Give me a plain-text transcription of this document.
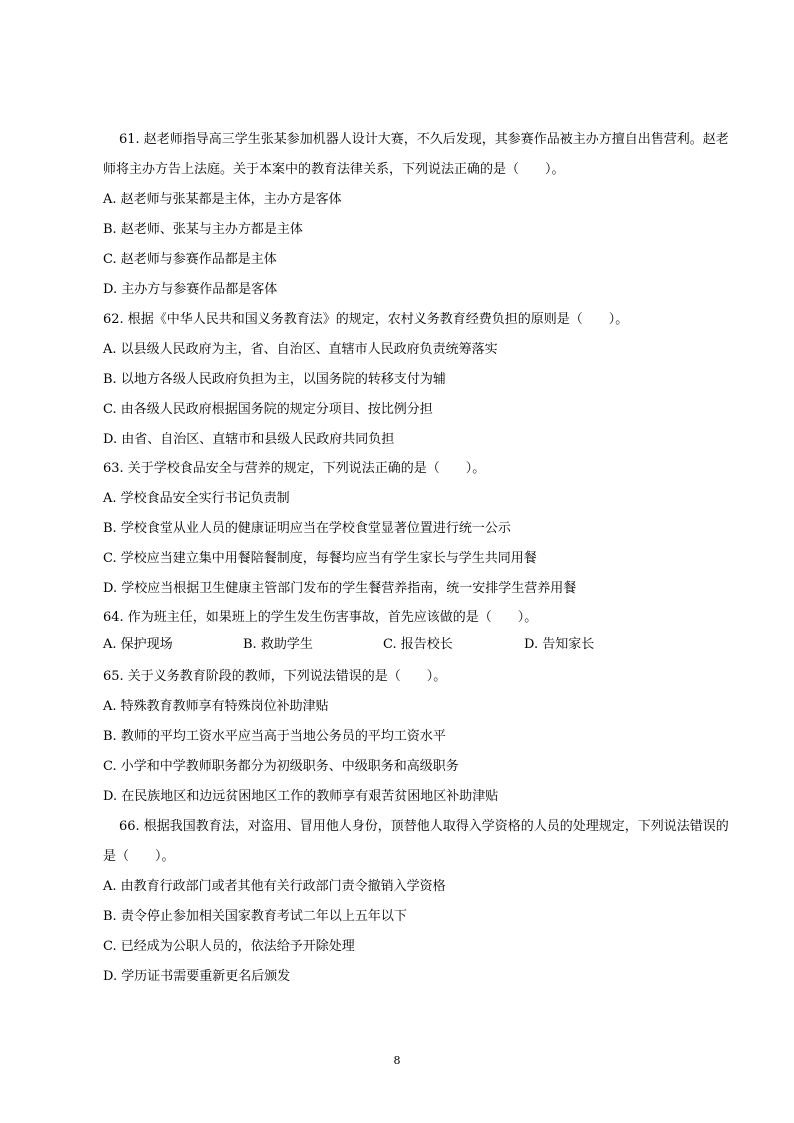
61. 赵老师指导高三学生张某参加机器人设计大赛，不久后发现，其参赛作品被主办方擅自出售营利。赵老
师将主办方告上法庭。关于本案中的教育法律关系，下列说法正确的是（　　）。
A. 赵老师与张某都是主体，主办方是客体
B. 赵老师、张某与主办方都是主体
C. 赵老师与参赛作品都是主体
D. 主办方与参赛作品都是客体
62. 根据《中华人民共和国义务教育法》的规定，农村义务教育经费负担的原则是（　　）。
A. 以县级人民政府为主，省、自治区、直辖市人民政府负责统筹落实
B. 以地方各级人民政府负担为主，以国务院的转移支付为辅
C. 由各级人民政府根据国务院的规定分项目、按比例分担
D. 由省、自治区、直辖市和县级人民政府共同负担
63. 关于学校食品安全与营养的规定，下列说法正确的是（　　）。
A. 学校食品安全实行书记负责制
B. 学校食堂从业人员的健康证明应当在学校食堂显著位置进行统一公示
C. 学校应当建立集中用餐陪餐制度，每餐均应当有学生家长与学生共同用餐
D. 学校应当根据卫生健康主管部门发布的学生餐营养指南，统一安排学生营养用餐
64. 作为班主任，如果班上的学生发生伤害事故，首先应该做的是（　　）。
A. 保护现场	B. 救助学生	C. 报告校长	D. 告知家长
65. 关于义务教育阶段的教师，下列说法错误的是（　　）。
A. 特殊教育教师享有特殊岗位补助津贴
B. 教师的平均工资水平应当高于当地公务员的平均工资水平
C. 小学和中学教师职务都分为初级职务、中级职务和高级职务
D. 在民族地区和边远贫困地区工作的教师享有艰苦贫困地区补助津贴
66. 根据我国教育法，对盗用、冒用他人身份，顶替他人取得入学资格的人员的处理规定，下列说法错误的
是（　　）。
A. 由教育行政部门或者其他有关行政部门责令撤销入学资格
B. 责令停止参加相关国家教育考试二年以上五年以下
C. 已经成为公职人员的，依法给予开除处理
D. 学历证书需要重新更名后颁发
8
